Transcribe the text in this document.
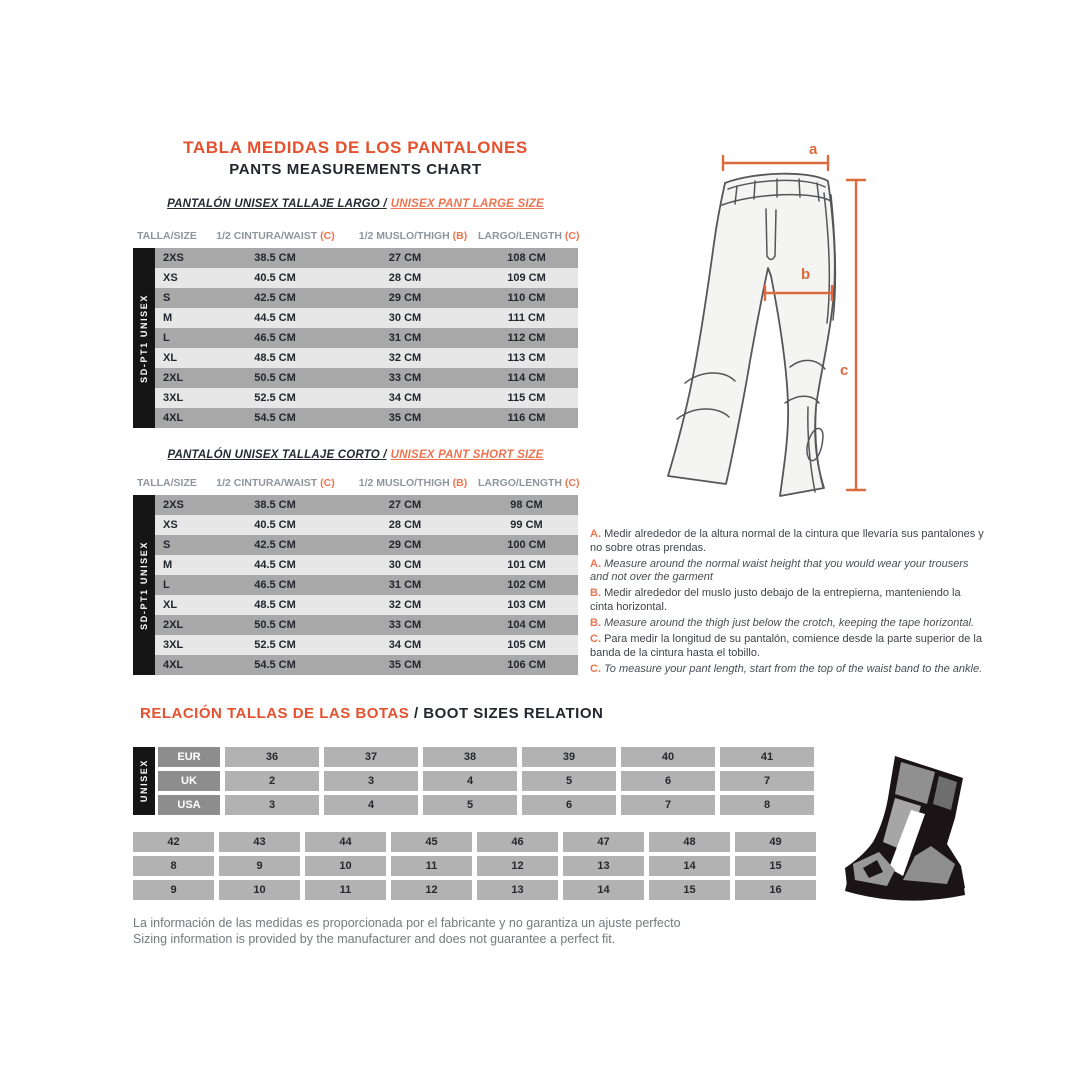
TABLA MEDIDAS DE LOS PANTALONES
PANTS MEASUREMENTS CHART
PANTALÓN UNISEX TALLAJE LARGO / UNISEX PANT LARGE SIZE
TALLA/SIZE	1/2 CINTURA/WAIST (C)	1/2 MUSLO/THIGH (B)	LARGO/LENGTH (C)
SD-PT1 UNISEX
2XS	38.5 CM	27 CM	108 CM
XS	40.5 CM	28 CM	109 CM
S	42.5 CM	29 CM	110 CM
M	44.5 CM	30 CM	111 CM
L	46.5 CM	31 CM	112 CM
XL	48.5 CM	32 CM	113 CM
2XL	50.5 CM	33 CM	114 CM
3XL	52.5 CM	34 CM	115 CM
4XL	54.5 CM	35 CM	116 CM
PANTALÓN UNISEX TALLAJE CORTO / UNISEX PANT SHORT SIZE
TALLA/SIZE	1/2 CINTURA/WAIST (C)	1/2 MUSLO/THIGH (B)	LARGO/LENGTH (C)
SD-PT1 UNISEX
2XS	38.5 CM	27 CM	98 CM
XS	40.5 CM	28 CM	99 CM
S	42.5 CM	29 CM	100 CM
M	44.5 CM	30 CM	101 CM
L	46.5 CM	31 CM	102 CM
XL	48.5 CM	32 CM	103 CM
2XL	50.5 CM	33 CM	104 CM
3XL	52.5 CM	34 CM	105 CM
4XL	54.5 CM	35 CM	106 CM
a
b
c
A. Medir alrededor de la altura normal de la cintura que llevaría sus pantalones y no sobre otras prendas.
A. Measure around the normal waist height that you would wear your trousers and not over the garment
B. Medir alrededor del muslo justo debajo de la entrepierna, manteniendo la cinta horizontal.
B. Measure around the thigh just below the crotch, keeping the tape horizontal.
C. Para medir la longitud de su pantalón, comience desde la parte superior de la banda de la cintura hasta el tobillo.
C. To measure your pant length, start from the top of the waist band to the ankle.
RELACIÓN TALLAS DE LAS BOTAS / BOOT SIZES RELATION
UNISEX
EUR	36	37	38	39	40	41
UK	2	3	4	5	6	7
USA	3	4	5	6	7	8
42	43	44	45	46	47	48	49
8	9	10	11	12	13	14	15
9	10	11	12	13	14	15	16
La información de las medidas es proporcionada por el fabricante y no garantiza un ajuste perfecto
Sizing information is provided by the manufacturer and does not guarantee a perfect fit.
